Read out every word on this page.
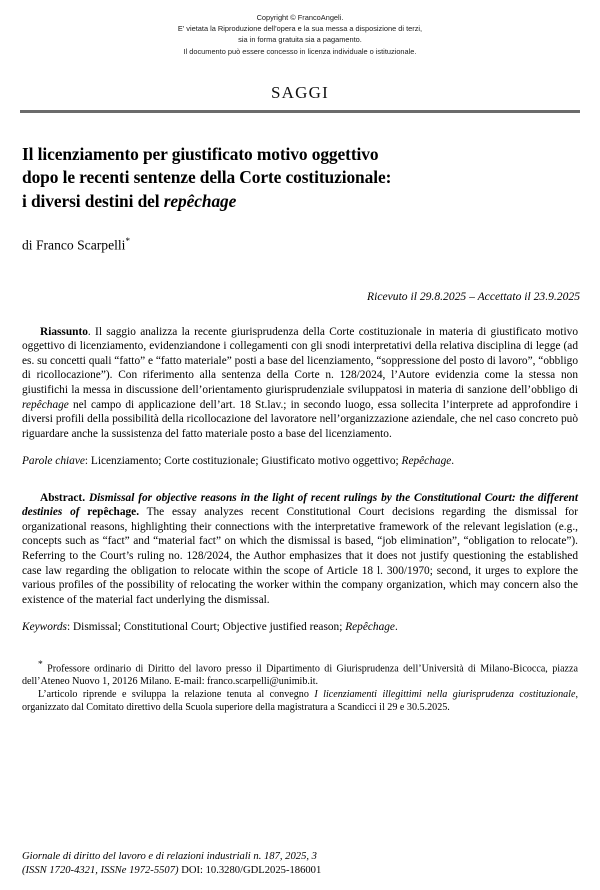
Copyright © FrancoAngeli.
E' vietata la Riproduzione dell’opera e la sua messa a disposizione di terzi,
sia in forma gratuita sia a pagamento.
Il documento può essere concesso in licenza individuale o istituzionale.
SAGGI
Il licenziamento per giustificato motivo oggettivo
dopo le recenti sentenze della Corte costituzionale:
i diversi destini del repêchage
di Franco Scarpelli*
Ricevuto il 29.8.2025 – Accettato il 23.9.2025

Riassunto. Il saggio analizza la recente giurisprudenza della Corte costituzionale in materia di giustificato motivo oggettivo di licenziamento, evidenziandone i collegamenti con gli snodi interpretativi della relativa disciplina di legge (ad es. su concetti quali “fatto” e “fatto materiale” posti a base del licenziamento, “soppressione del posto di lavoro”, “obbligo di ricollocazione”). Con riferimento alla sentenza della Corte n. 128/2024, l’Autore evidenzia come la stessa non giustifichi la messa in discussione dell’orientamento giurisprudenziale sviluppatosi in materia di sanzione dell’obbligo di repêchage nel campo di applicazione dell’art. 18 St.lav.; in secondo luogo, essa sollecita l’interprete ad approfondire i diversi profili della possibilità della ricollocazione del lavoratore nell’organizzazione aziendale, che nel caso concreto può riguardare anche la sussistenza del fatto materiale posto a base del licenziamento.

Parole chiave: Licenziamento; Corte costituzionale; Giustificato motivo oggettivo; Repêchage.

Abstract. Dismissal for objective reasons in the light of recent rulings by the Constitutional Court: the different destinies of repêchage. The essay analyzes recent Constitutional Court decisions regarding the dismissal for organizational reasons, highlighting their connections with the interpretative framework of the relevant legislation (e.g., concepts such as “fact” and “material fact” on which the dismissal is based, “job elimination”, “obligation to relocate”). Referring to the Court’s ruling no. 128/2024, the Author emphasizes that it does not justify questioning the established case law regarding the obligation to relocate within the scope of Article 18 l. 300/1970; second, it urges to explore the various profiles of the possibility of relocating the worker within the company organization, which may concern also the existence of the material fact underlying the dismissal.

Keywords: Dismissal; Constitutional Court; Objective justified reason; Repêchage.

* Professore ordinario di Diritto del lavoro presso il Dipartimento di Giurisprudenza dell’Università di Milano-Bicocca, piazza dell’Ateneo Nuovo 1, 20126 Milano. E-mail: franco.scarpelli@unimib.it.

L’articolo riprende e sviluppa la relazione tenuta al convegno I licenziamenti illegittimi nella giurisprudenza costituzionale, organizzato dal Comitato direttivo della Scuola superiore della magistratura a Scandicci il 29 e 30.5.2025.

Giornale di diritto del lavoro e di relazioni industriali n. 187, 2025, 3
(ISSN 1720-4321, ISSNe 1972-5507) DOI: 10.3280/GDL2025-186001
